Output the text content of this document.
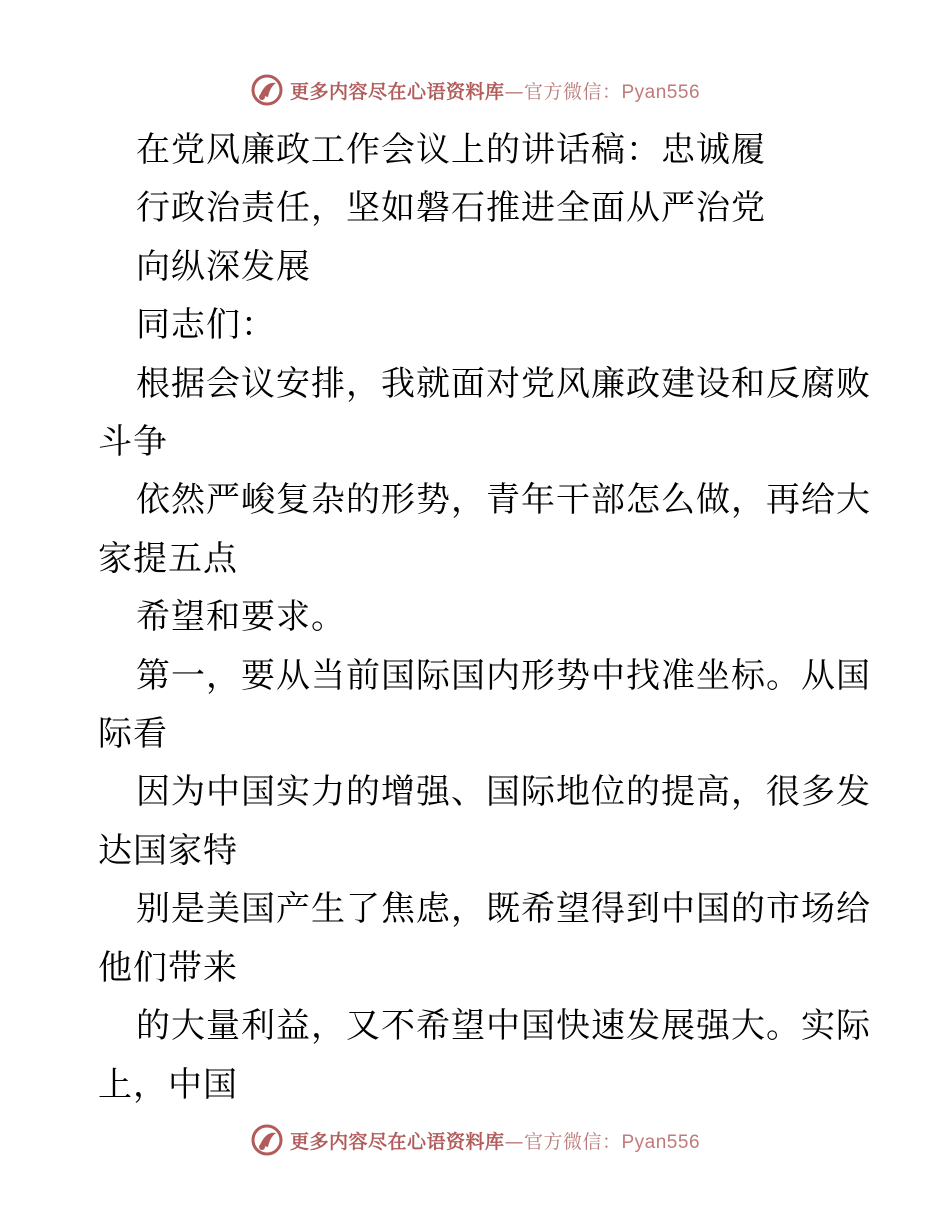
更多内容尽在心语资料库—官方微信：Pyan556

在党风廉政工作会议上的讲话稿：忠诚履

行政治责任，坚如磐石推进全面从严治党

向纵深发展

同志们：

根据会议安排，我就面对党风廉政建设和反腐败

斗争

依然严峻复杂的形势，青年干部怎么做，再给大

家提五点

希望和要求。

第一，要从当前国际国内形势中找准坐标。从国

际看

因为中国实力的增强、国际地位的提高，很多发

达国家特

别是美国产生了焦虑，既希望得到中国的市场给

他们带来

的大量利益，又不希望中国快速发展强大。实际

上，中国

更多内容尽在心语资料库—官方微信：Pyan556
